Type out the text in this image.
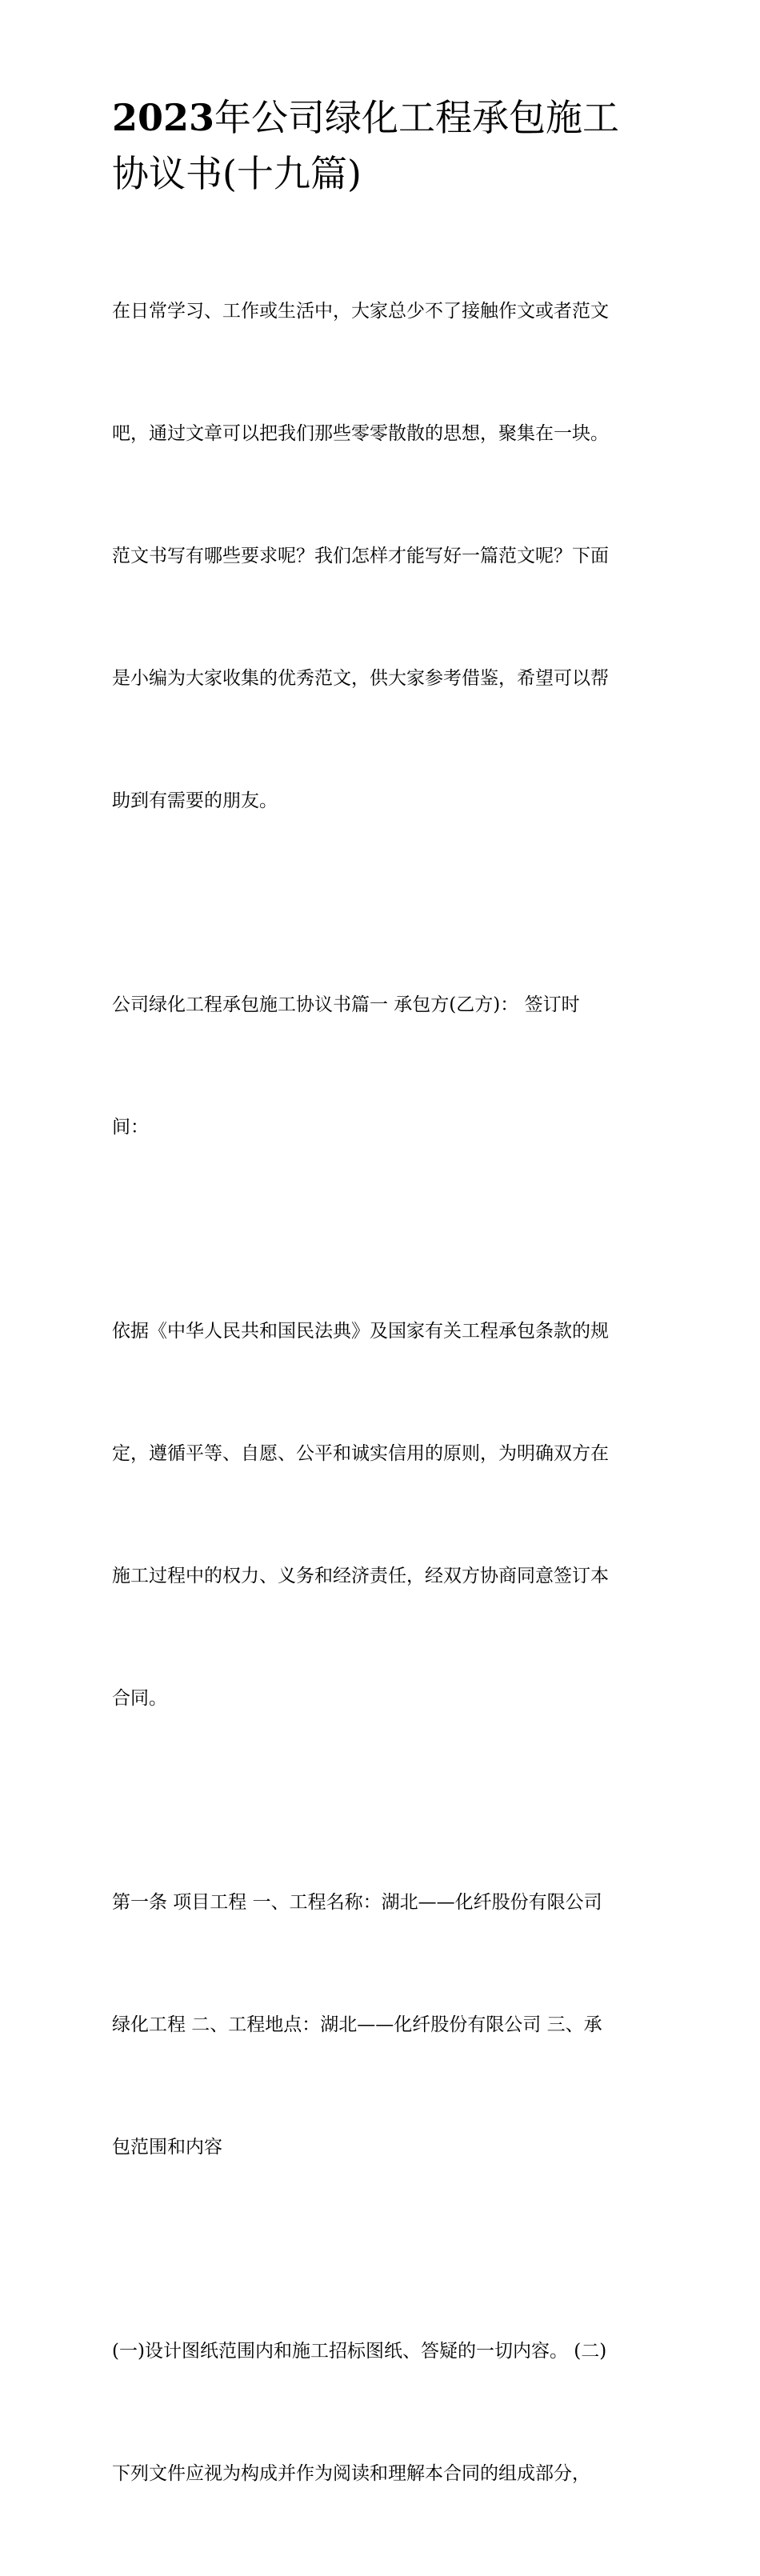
2023年公司绿化工程承包施工
协议书(十九篇)

在日常学习、工作或生活中，大家总少不了接触作文或者范文

吧，通过文章可以把我们那些零零散散的思想，聚集在一块。

范文书写有哪些要求呢？我们怎样才能写好一篇范文呢？下面

是小编为大家收集的优秀范文，供大家参考借鉴，希望可以帮

助到有需要的朋友。

公司绿化工程承包施工协议书篇一 承包方(乙方)： 签订时

间：

依据《中华人民共和国民法典》及国家有关工程承包条款的规

定，遵循平等、自愿、公平和诚实信用的原则，为明确双方在

施工过程中的权力、义务和经济责任，经双方协商同意签订本

合同。

第一条 项目工程 一、工程名称：湖北——化纤股份有限公司

绿化工程 二、工程地点：湖北——化纤股份有限公司 三、承

包范围和内容

(一)设计图纸范围内和施工招标图纸、答疑的一切内容。 (二)

下列文件应视为构成并作为阅读和理解本合同的组成部分，
